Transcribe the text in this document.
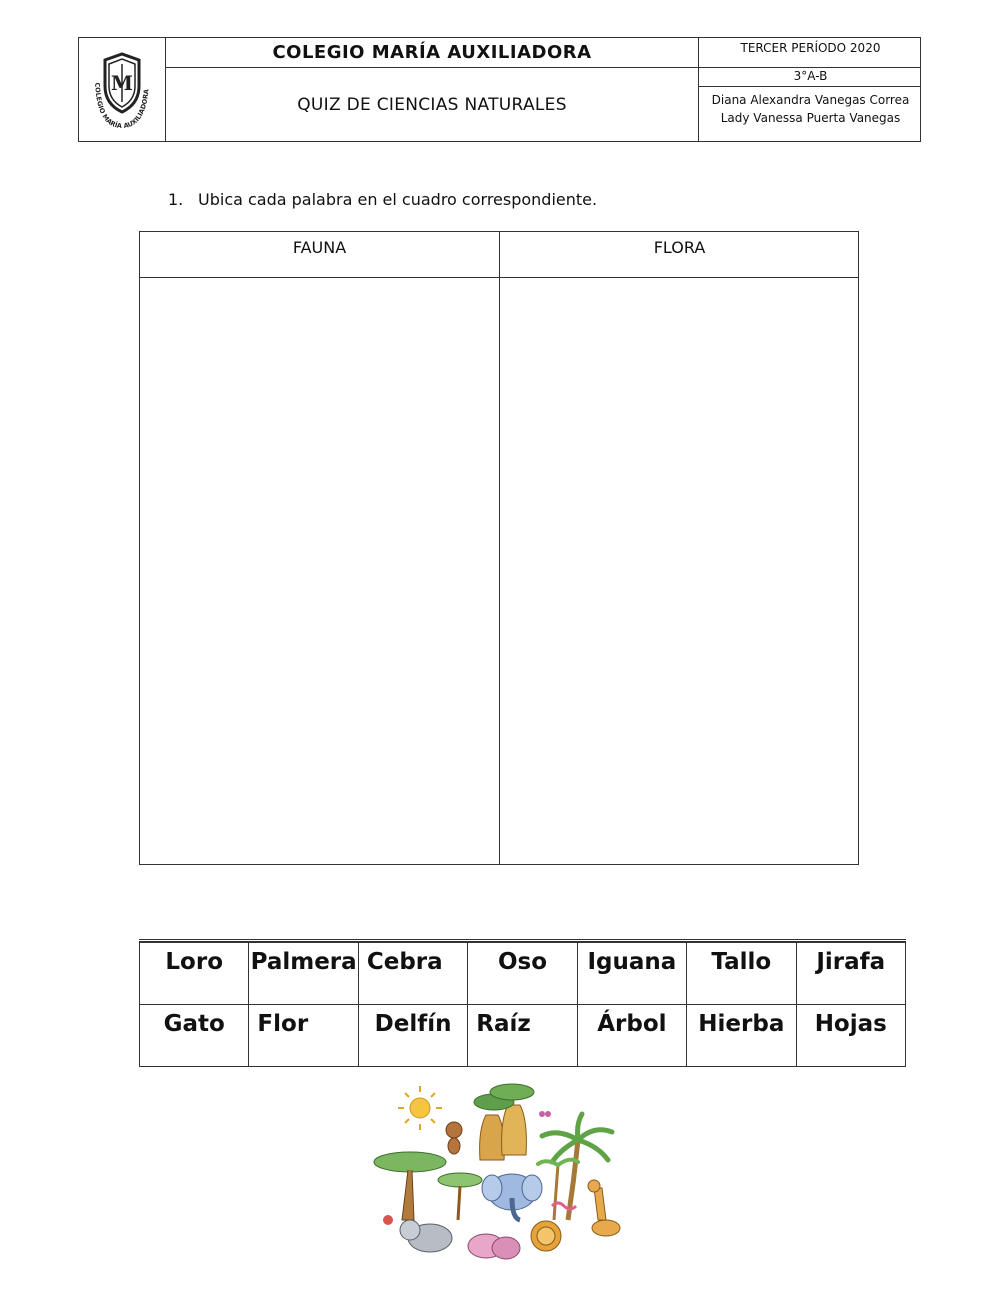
M
COLEGIO MARÍA AUXILIADORA
COLEGIO MARÍA AUXILIADORA
QUIZ DE CIENCIAS NATURALES
TERCER PERÍODO 2020
3°A-B
Diana Alexandra Vanegas Correa
Lady Vanessa Puerta Vanegas
1. Ubica cada palabra en el cuadro correspondiente.
FAUNA	FLORA
Loro	Palmera	Cebra	Oso	Iguana	Tallo	Jirafa
Gato	Flor	Delfín	Raíz	Árbol	Hierba	Hojas
